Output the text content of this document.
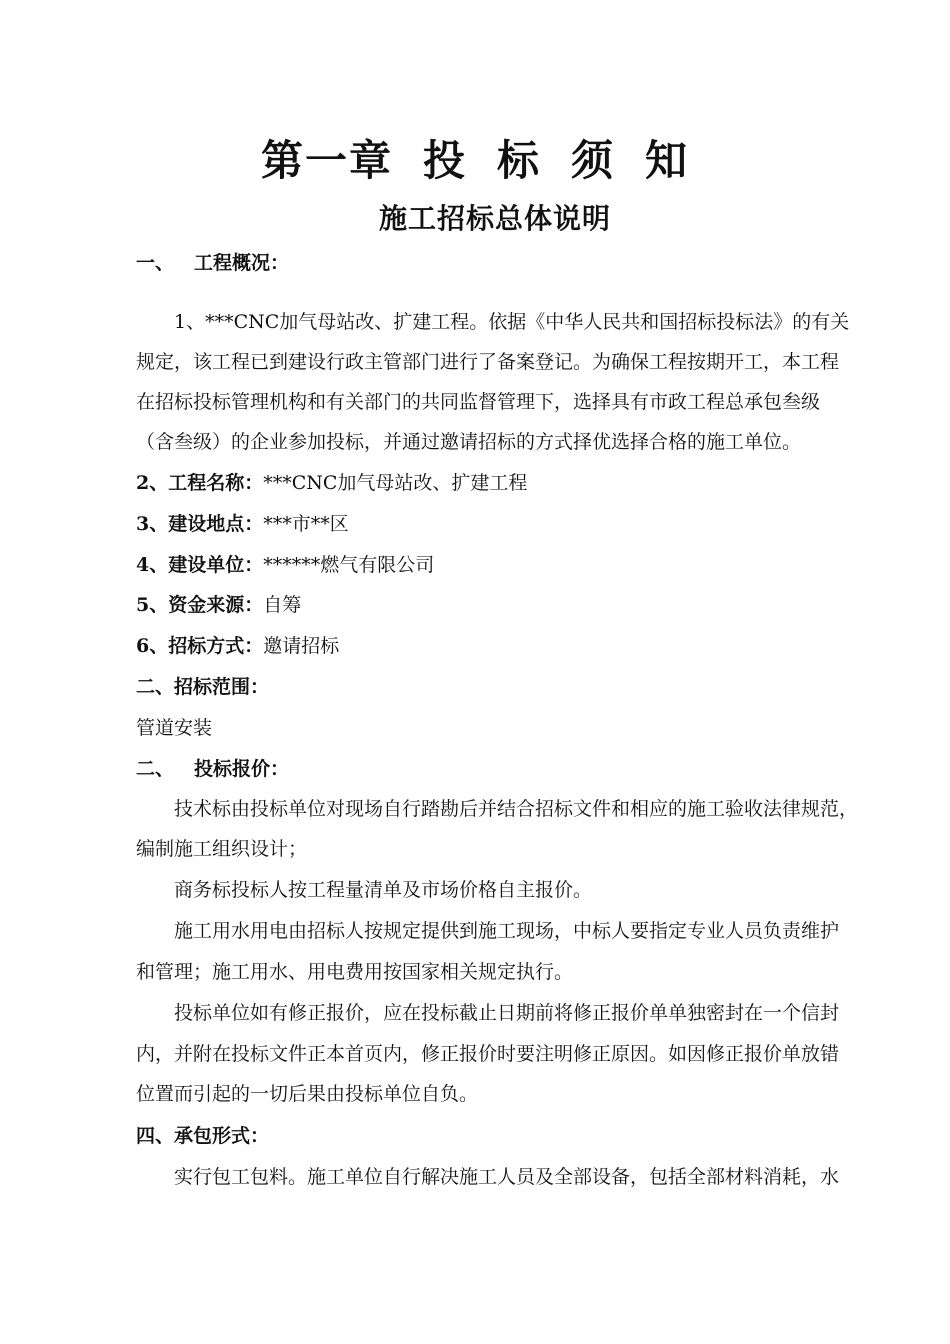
第一章 投 标 须 知
施工招标总体说明
一、 工程概况：
1、***CNC加气母站改、扩建工程。依据《中华人民共和国招标投标法》的有关
规定，该工程已到建设行政主管部门进行了备案登记。为确保工程按期开工，本工程
在招标投标管理机构和有关部门的共同监督管理下，选择具有市政工程总承包叁级
（含叁级）的企业参加投标，并通过邀请招标的方式择优选择合格的施工单位。
2、工程名称：***CNC加气母站改、扩建工程
3、建设地点：***市**区
4、建设单位：******燃气有限公司
5、资金来源：自筹
6、招标方式：邀请招标
二、招标范围：
管道安装
二、 投标报价：
技术标由投标单位对现场自行踏勘后并结合招标文件和相应的施工验收法律规范，
编制施工组织设计；
商务标投标人按工程量清单及市场价格自主报价。
施工用水用电由招标人按规定提供到施工现场，中标人要指定专业人员负责维护
和管理；施工用水、用电费用按国家相关规定执行。
投标单位如有修正报价，应在投标截止日期前将修正报价单单独密封在一个信封
内，并附在投标文件正本首页内，修正报价时要注明修正原因。如因修正报价单放错
位置而引起的一切后果由投标单位自负。
四、承包形式：
实行包工包料。施工单位自行解决施工人员及全部设备，包括全部材料消耗，水
